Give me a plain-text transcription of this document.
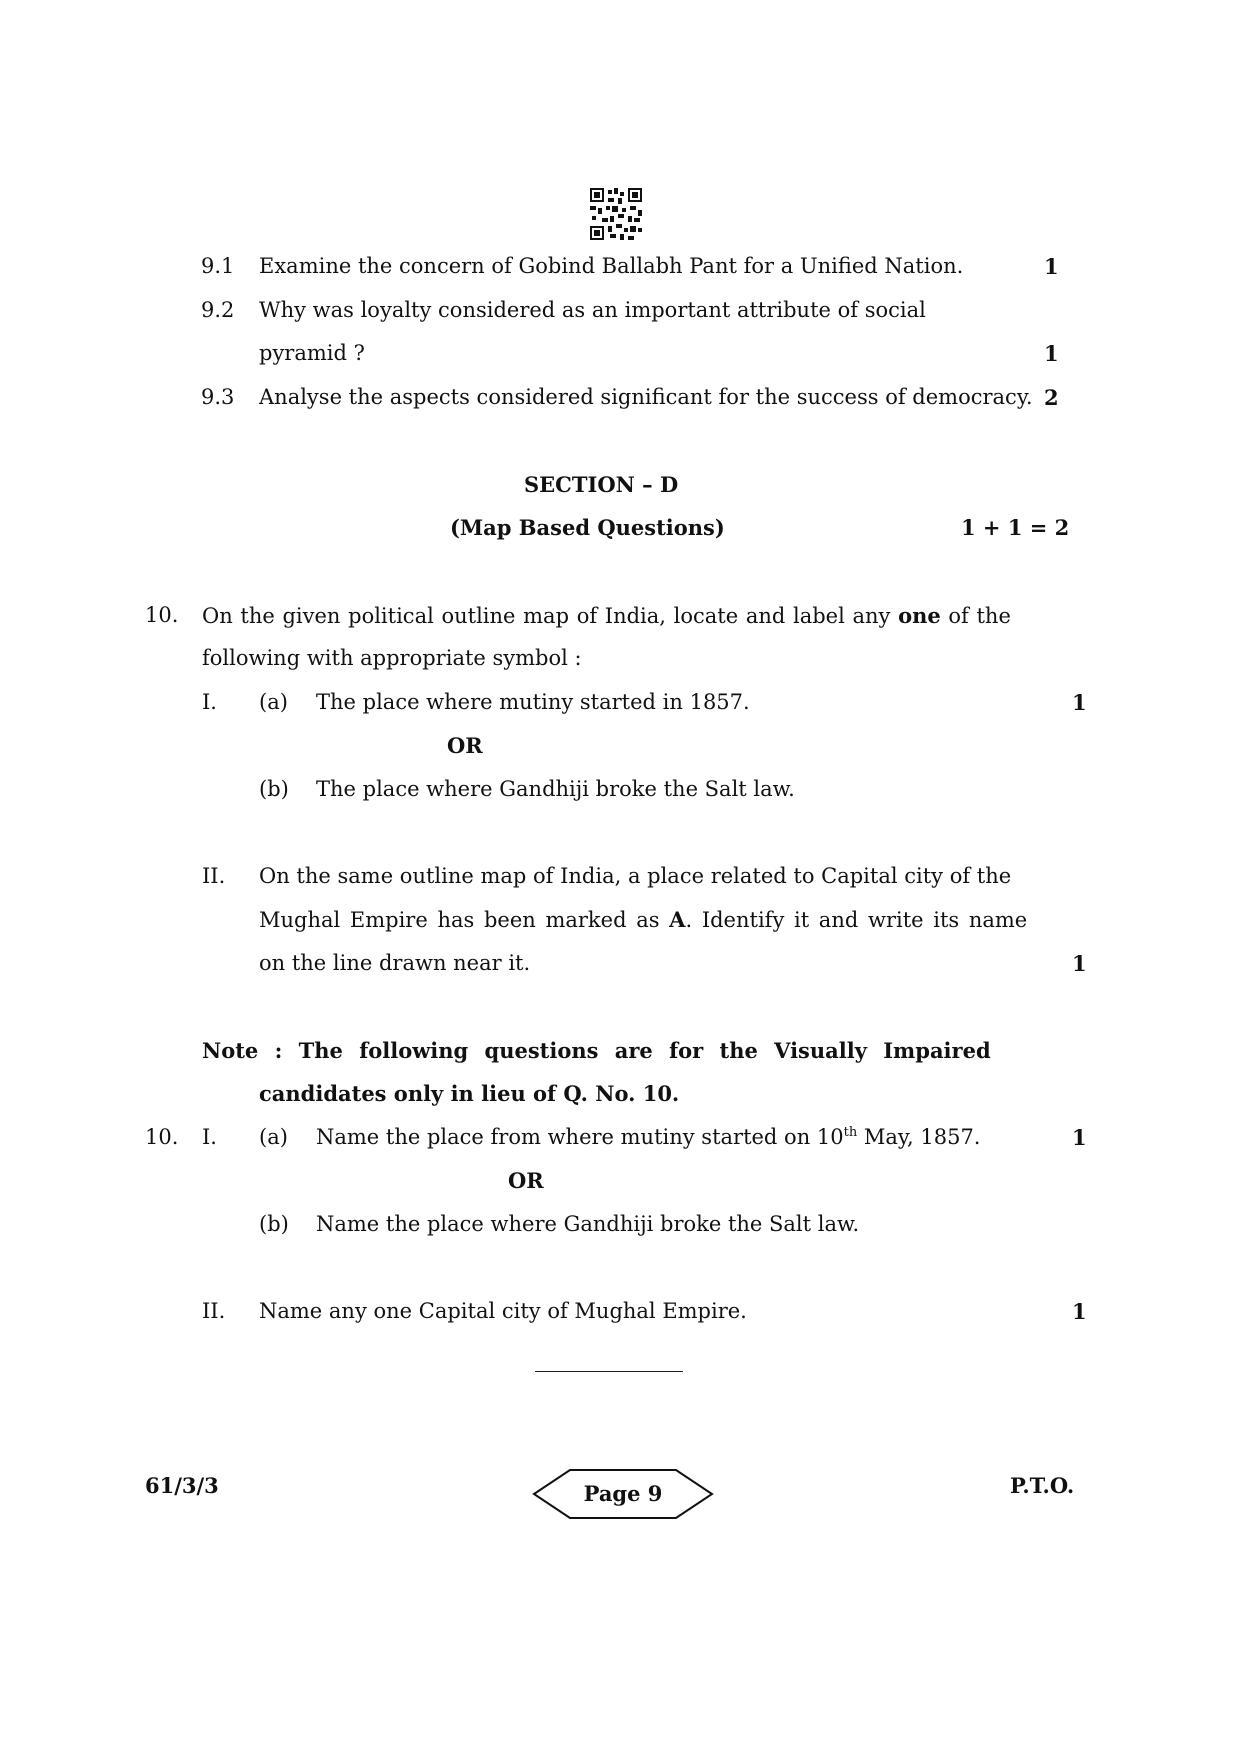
9.1 Examine the concern of Gobind Ballabh Pant for a Unified Nation.	1
9.2 Why was loyalty considered as an important attribute of social
pyramid ?	1
9.3 Analyse the aspects considered significant for the success of democracy. 2
SECTION – D
(Map Based Questions)	1 + 1 = 2
10. On the given political outline map of India, locate and label any one of the
following with appropriate symbol :
I. (a) The place where mutiny started in 1857.	1
OR
(b) The place where Gandhiji broke the Salt law.
II. On the same outline map of India, a place related to Capital city of the
Mughal Empire has been marked as A. Identify it and write its name
on the line drawn near it.	1
Note : The following questions are for the Visually Impaired
candidates only in lieu of Q. No. 10.
10. I. (a) Name the place from where mutiny started on 10th May, 1857.	1
OR
(b) Name the place where Gandhiji broke the Salt law.
II. Name any one Capital city of Mughal Empire.	1
61/3/3	Page 9	P.T.O.
